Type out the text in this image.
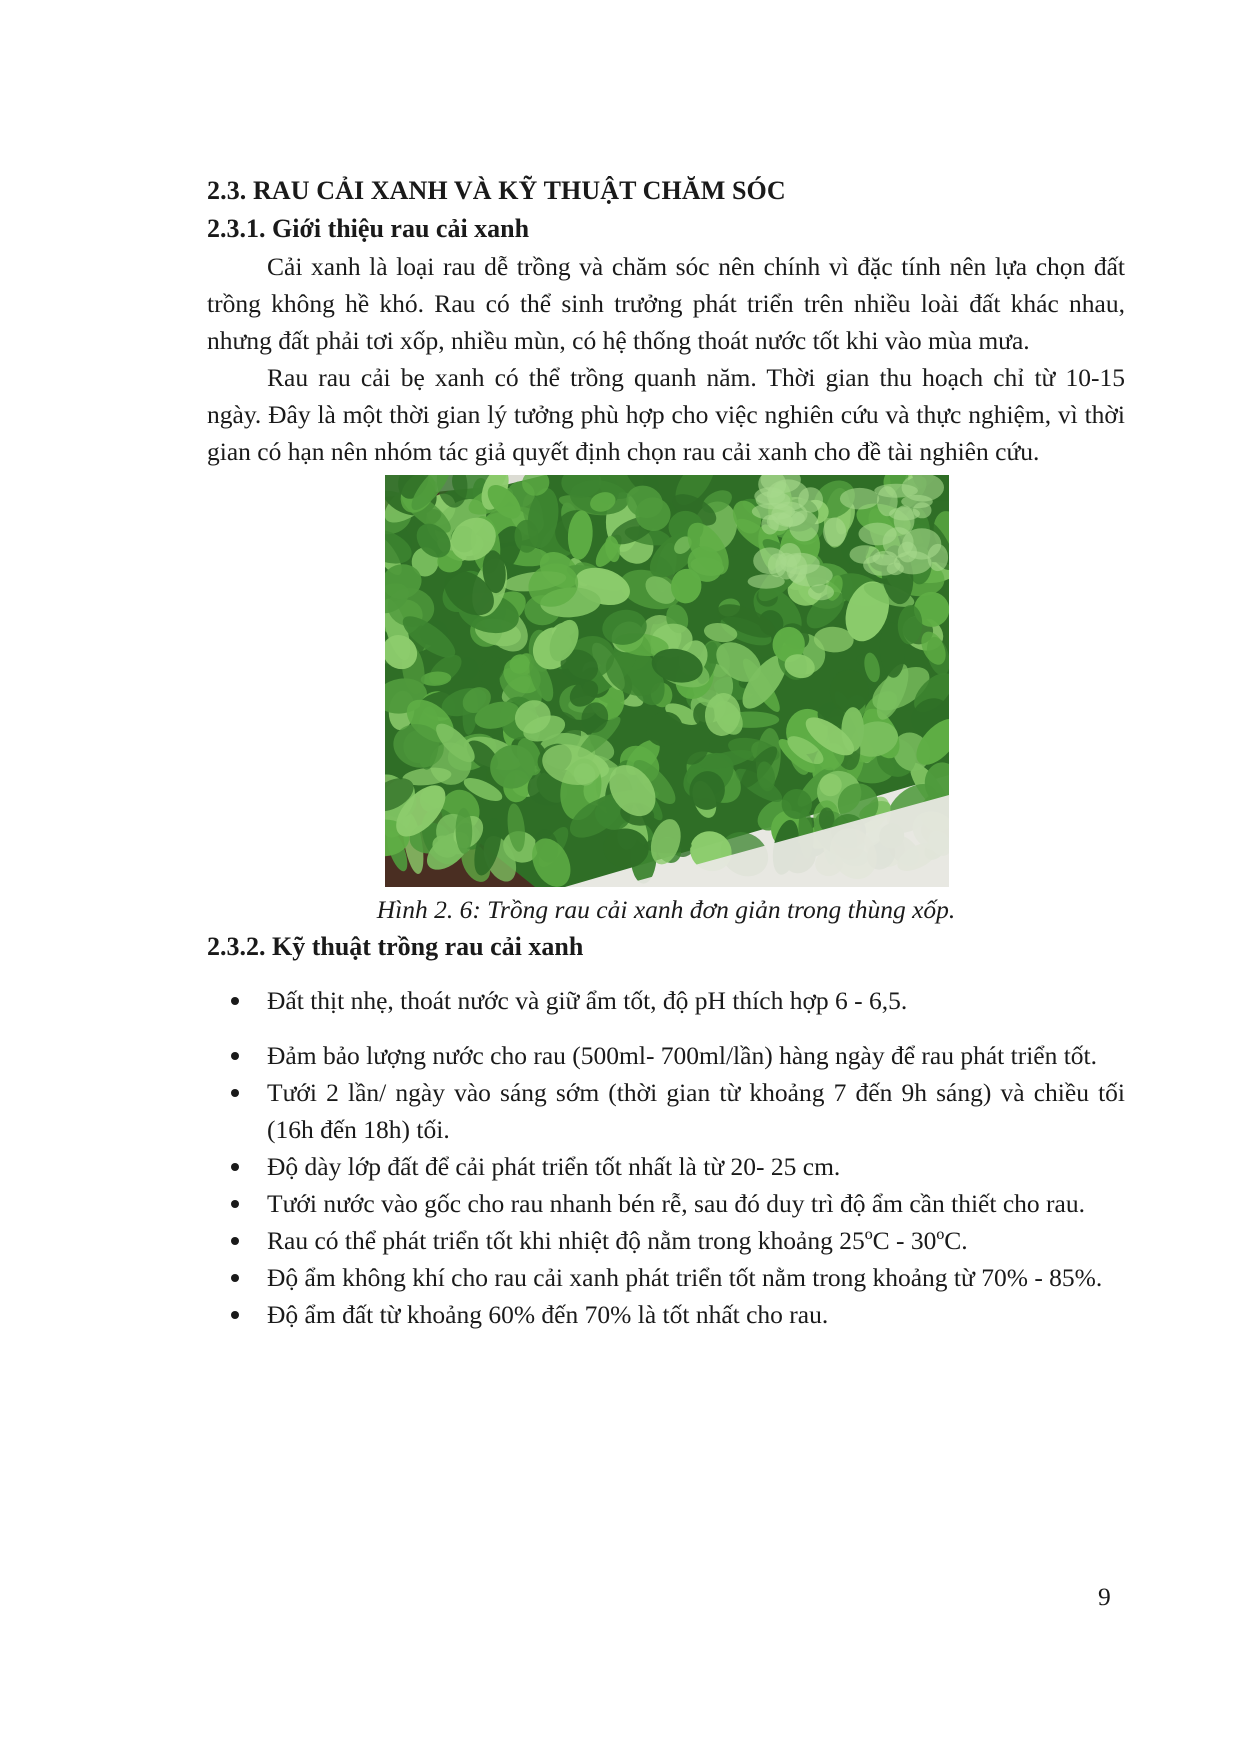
2.3. RAU CẢI XANH VÀ KỸ THUẬT CHĂM SÓC
2.3.1. Giới thiệu rau cải xanh

Cải xanh là loại rau dễ trồng và chăm sóc nên chính vì đặc tính nên lựa chọn đất trồng không hề khó. Rau có thể sinh trưởng phát triển trên nhiều loài đất khác nhau, nhưng đất phải tơi xốp, nhiều mùn, có hệ thống thoát nước tốt khi vào mùa mưa.

Rau rau cải bẹ xanh có thể trồng quanh năm. Thời gian thu hoạch chỉ từ 10-15 ngày. Đây là một thời gian lý tưởng phù hợp cho việc nghiên cứu và thực nghiệm, vì thời gian có hạn nên nhóm tác giả quyết định chọn rau cải xanh cho đề tài nghiên cứu.

Hình 2. 6: Trồng rau cải xanh đơn giản trong thùng xốp.

2.3.2. Kỹ thuật trồng rau cải xanh
Đất thịt nhẹ, thoát nước và giữ ẩm tốt, độ pH thích hợp 6 - 6,5.
Đảm bảo lượng nước cho rau (500ml- 700ml/lần) hàng ngày để rau phát triển tốt.
Tưới 2 lần/ ngày vào sáng sớm (thời gian từ khoảng 7 đến 9h sáng) và chiều tối (16h đến 18h) tối.
Độ dày lớp đất để cải phát triển tốt nhất là từ 20- 25 cm.
Tưới nước vào gốc cho rau nhanh bén rễ, sau đó duy trì độ ẩm cần thiết cho rau.
Rau có thể phát triển tốt khi nhiệt độ nằm trong khoảng 25ºC - 30ºC.
Độ ẩm không khí cho rau cải xanh phát triển tốt nằm trong khoảng từ 70% - 85%.
Độ ẩm đất từ khoảng 60% đến 70% là tốt nhất cho rau.
9
